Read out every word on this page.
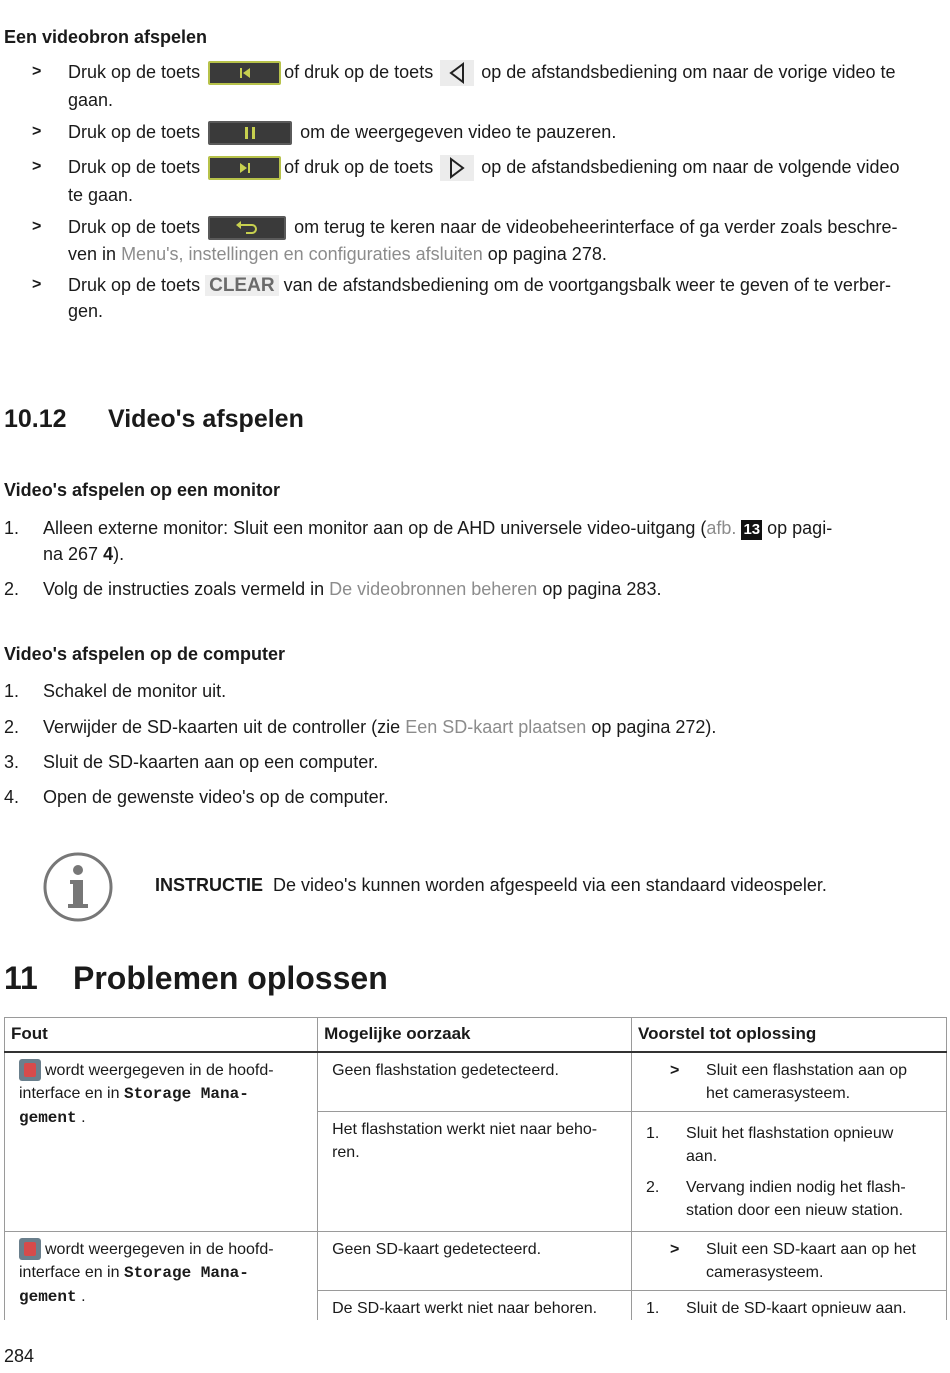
Een videobron afspelen
> Druk op de toets	of druk op de toets	op de afstandsbediening om naar de vorige video te
gaan.
> Druk op de toets	om de weergegeven video te pauzeren.
> Druk op de toets	of druk op de toets	op de afstandsbediening om naar de volgende video
te gaan.
> Druk op de toets	om terug te keren naar de videobeheerinterface of ga verder zoals beschre-
ven in Menu's, instellingen en configuraties afsluiten op pagina 278.
> Druk op de toets CLEAR van de afstandsbediening om de voortgangsbalk weer te geven of te verber-
gen.
10.12 Video's afspelen
Video's afspelen op een monitor
1. Alleen externe monitor: Sluit een monitor aan op de AHD universele video-uitgang (afb. 13 op pagi-
na 267 4).
2. Volg de instructies zoals vermeld in De videobronnen beheren op pagina 283.
Video's afspelen op de computer
1. Schakel de monitor uit.
2. Verwijder de SD-kaarten uit de controller (zie Een SD-kaart plaatsen op pagina 272).
3. Sluit de SD-kaarten aan op een computer.
4. Open de gewenste video's op de computer.
INSTRUCTIE De video's kunnen worden afgespeeld via een standaard videospeler.
11 Problemen oplossen
Fout	Mogelijke oorzaak	Voorstel tot oplossing
wordt weergegeven in de hoofd-
interface en in Storage Mana-
gement .	Geen flashstation gedetecteerd.	> Sluit een flashstation aan op het camerasysteem.

	Het flashstation werkt niet naar beho-ren.	1. Sluit het flashstation opnieuw aan.
2. Vervang indien nodig het flash-station door een nieuw station.

wordt weergegeven in de hoofd-
interface en in Storage Mana-
gement .	Geen SD-kaart gedetecteerd.	> Sluit een SD-kaart aan op het camerasysteem.

	De SD-kaart werkt niet naar behoren.	1. Sluit de SD-kaart opnieuw aan.
284
